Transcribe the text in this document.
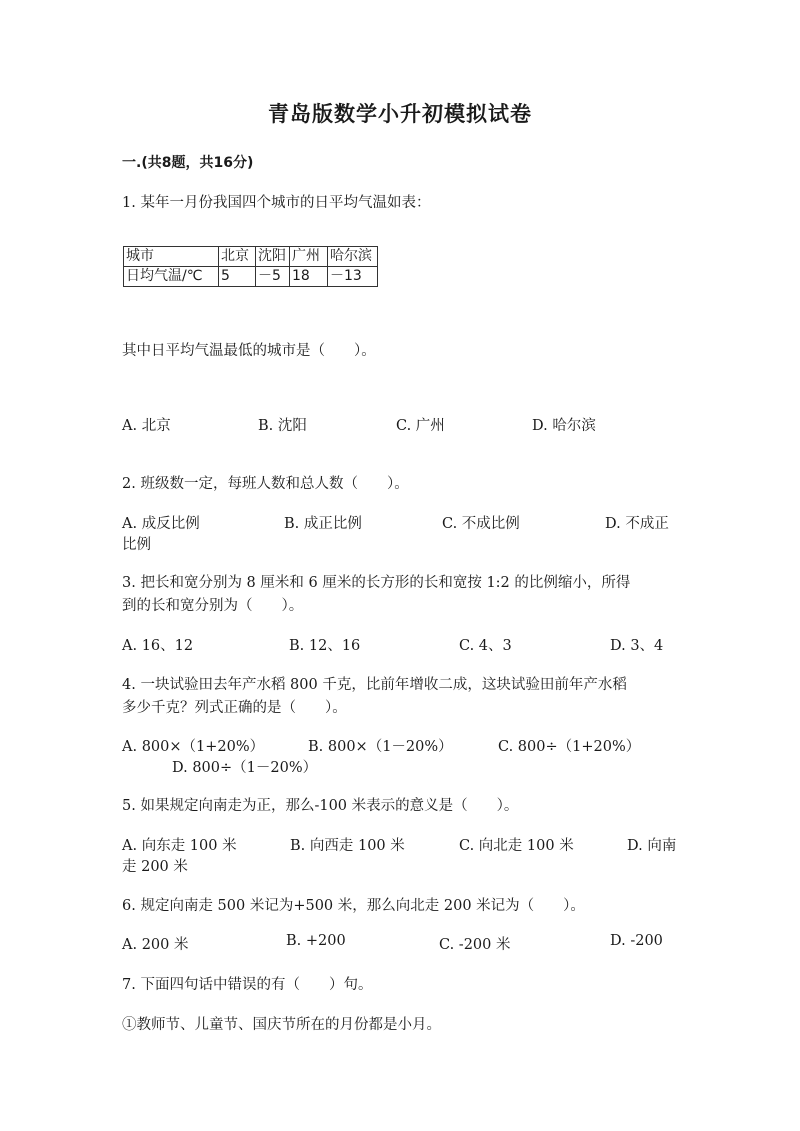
青岛版数学小升初模拟试卷
一.(共8题，共16分)
1. 某年一月份我国四个城市的日平均气温如表：
城市	北京	沈阳	广州	哈尔滨
日均气温/℃	5	－5	18	－13
其中日平均气温最低的城市是（　　）。
A. 北京	B. 沈阳	C. 广州	D. 哈尔滨
2. 班级数一定，每班人数和总人数（　　）。
A. 成反比例	B. 成正比例	C. 不成比例	D. 不成正
比例
3. 把长和宽分别为 8 厘米和 6 厘米的长方形的长和宽按 1:2 的比例缩小，所得
到的长和宽分别为（　　）。
A. 16、12	B. 12、16	C. 4、3	D. 3、4
4. 一块试验田去年产水稻 800 千克，比前年增收二成，这块试验田前年产水稻
多少千克？列式正确的是（　　）。
A. 800×（1+20%）	B. 800×（1－20%）	C. 800÷（1+20%）
D. 800÷（1－20%）
5. 如果规定向南走为正，那么-100 米表示的意义是（　　）。
A. 向东走 100 米	B. 向西走 100 米	C. 向北走 100 米	D. 向南
走 200 米
6. 规定向南走 500 米记为+500 米，那么向北走 200 米记为（　　）。
A. 200 米	B. +200	C. -200 米	D. -200
7. 下面四句话中错误的有（　　）句。
①教师节、儿童节、国庆节所在的月份都是小月。
